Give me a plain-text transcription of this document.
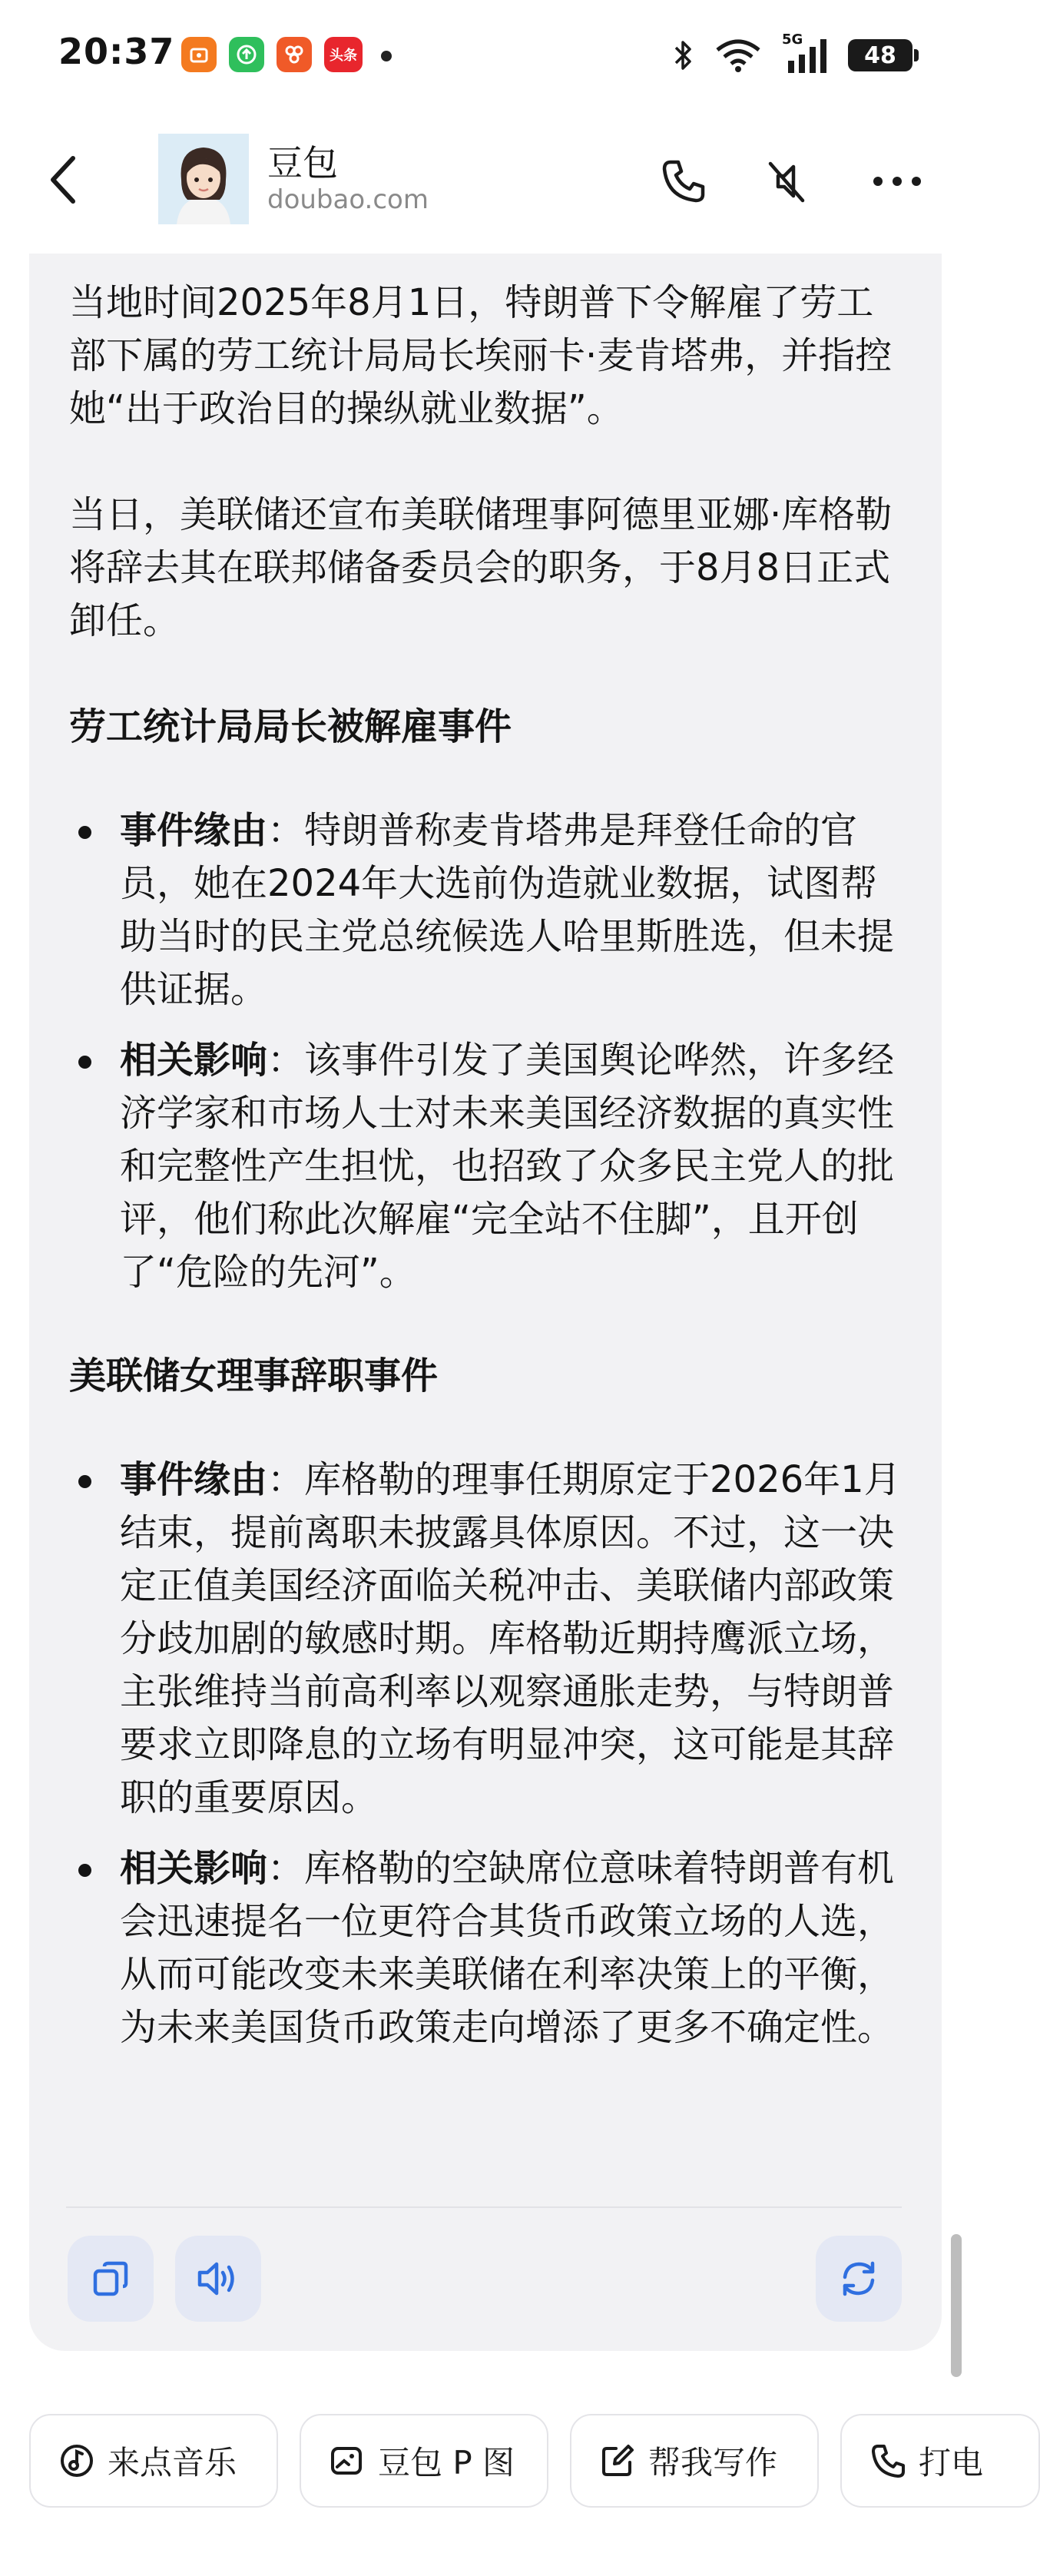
20:37	头条
5G
48
豆包
doubao.com

当地时间2025年8月1日，特朗普下令解雇了劳工部下属的劳工统计局局长埃丽卡·麦肯塔弗，并指控她“出于政治目的操纵就业数据”。

当日，美联储还宣布美联储理事阿德里亚娜·库格勒将辞去其在联邦储备委员会的职务，于8月8日正式卸任。

劳工统计局局长被解雇事件
事件缘由：特朗普称麦肯塔弗是拜登任命的官员，她在2024年大选前伪造就业数据，试图帮助当时的民主党总统候选人哈里斯胜选，但未提供证据。
相关影响：该事件引发了美国舆论哗然，许多经济学家和市场人士对未来美国经济数据的真实性和完整性产生担忧，也招致了众多民主党人的批评，他们称此次解雇“完全站不住脚”，且开创了“危险的先河”。
美联储女理事辞职事件
事件缘由：库格勒的理事任期原定于2026年1月结束，提前离职未披露具体原因。不过，这一决定正值美国经济面临关税冲击、美联储内部政策分歧加剧的敏感时期。库格勒近期持鹰派立场，主张维持当前高利率以观察通胀走势，与特朗普要求立即降息的立场有明显冲突，这可能是其辞职的重要原因。
相关影响：库格勒的空缺席位意味着特朗普有机会迅速提名一位更符合其货币政策立场的人选，从而可能改变未来美联储在利率决策上的平衡，为未来美国货币政策走向增添了更多不确定性。
来点音乐	豆包 P 图	帮我写作	打电
